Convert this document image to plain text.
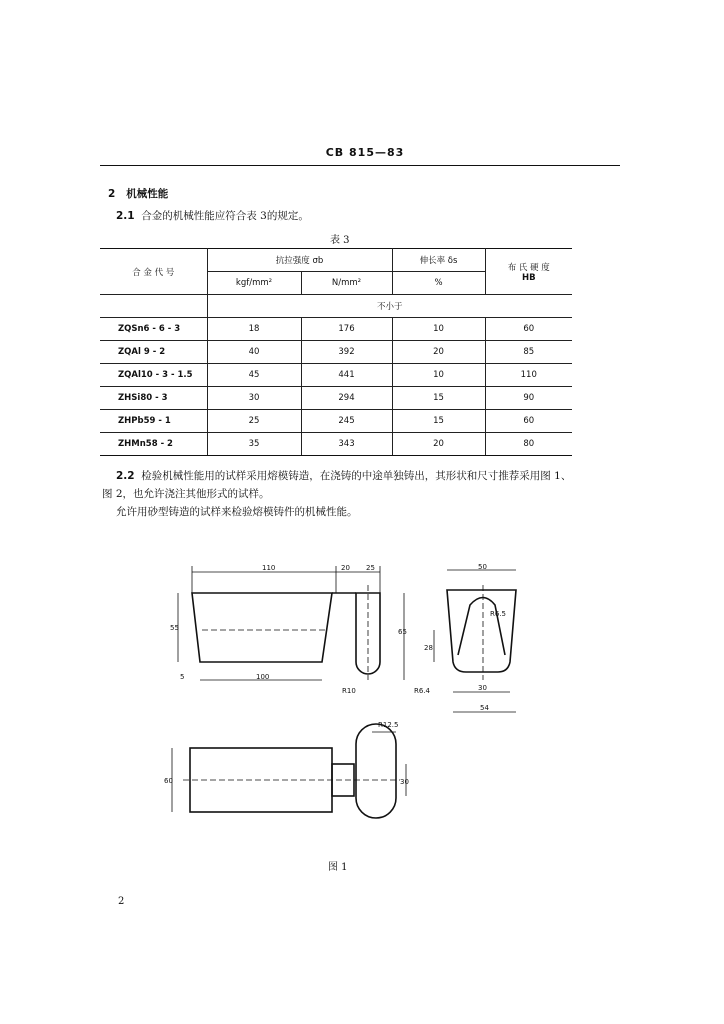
CB 815—83
2 机械性能
2.1 合金的机械性能应符合表 3的规定。
表 3
合 金 代 号	抗拉强度 σb		伸长率 δs	布 氏 硬 度
HB

	kgf/mm²	N/mm²	%	
	不小于			
ZQSn6 - 6 - 3	18	176	10	60
ZQAl 9 - 2	40	392	20	85
ZQAl10 - 3 - 1.5	45	441	10	110
ZHSi80 - 3	30	294	15	90
ZHPb59 - 1	25	245	15	60
ZHMn58 - 2	35	343	20	80
2.2 检验机械性能用的试样采用熔模铸造，在浇铸的中途单独铸出，其形状和尺寸推荐采用图 1、
图 2，也允许浇注其他形式的试样。
允许用砂型铸造的试样来检验熔模铸件的机械性能。
110	20 25
55	65
5	100
R10
50
R6.5
28
R6.4	30
54
R12.5
60	30
图 1
2
